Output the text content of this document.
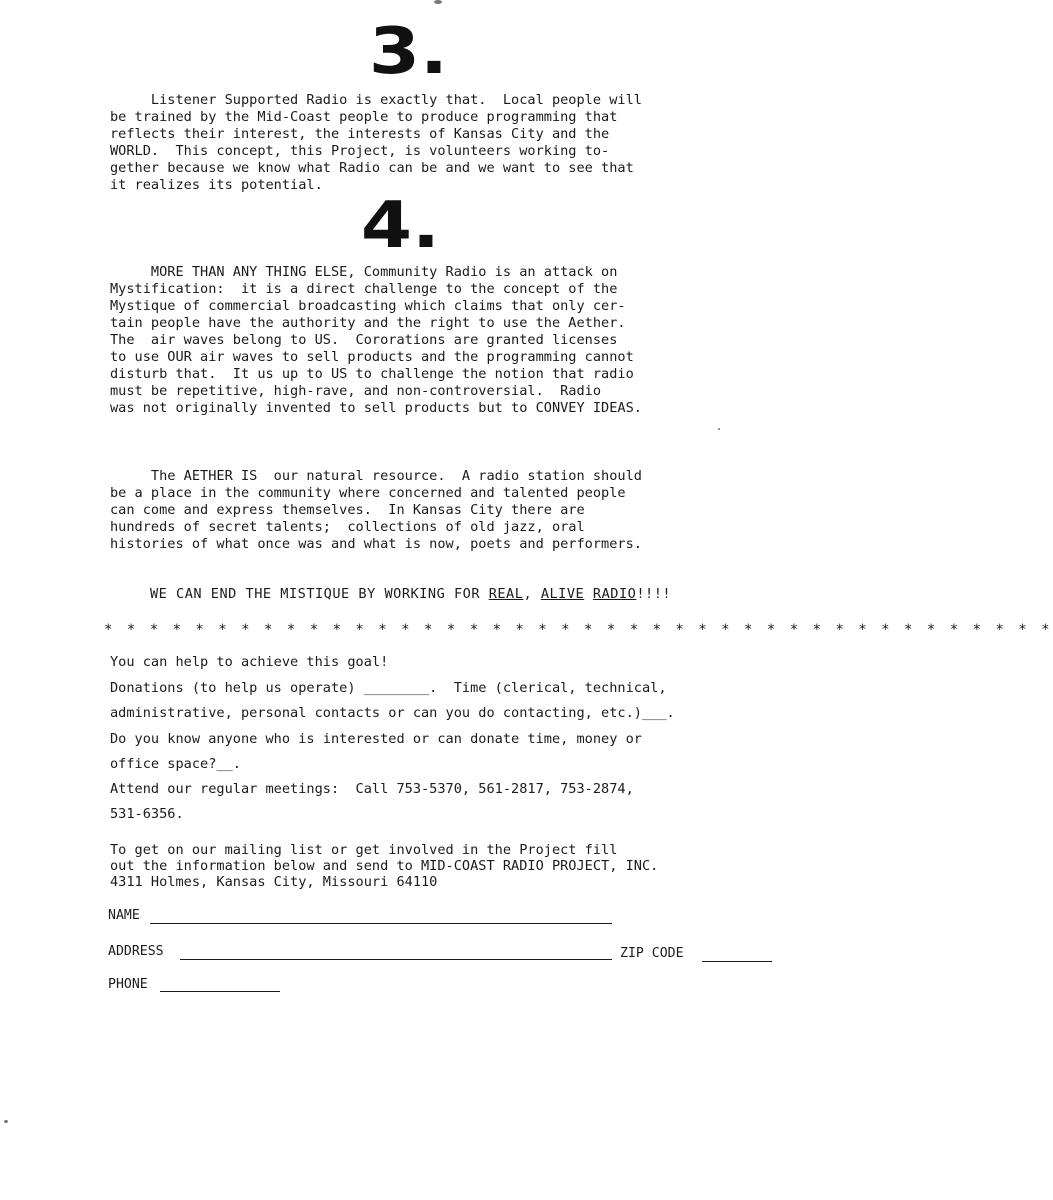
3.
Listener Supported Radio is exactly that.  Local people will
be trained by the Mid-Coast people to produce programming that
reflects their interest, the interests of Kansas City and the
WORLD.  This concept, this Project, is volunteers working to-
gether because we know what Radio can be and we want to see that
it realizes its potential.
4.
MORE THAN ANY THING ELSE, Community Radio is an attack on
Mystification:  it is a direct challenge to the concept of the
Mystique of commercial broadcasting which claims that only cer-
tain people have the authority and the right to use the Aether.
The  air waves belong to US.  Cororations are granted licenses
to use OUR air waves to sell products and the programming cannot
disturb that.  It us up to US to challenge the notion that radio
must be repetitive, high-rave, and non-controversial.  Radio
was not originally invented to sell products but to CONVEY IDEAS.
The AETHER IS  our natural resource.  A radio station should
be a place in the community where concerned and talented people
can come and express themselves.  In Kansas City there are
hundreds of secret talents;  collections of old jazz, oral
histories of what once was and what is now, poets and performers.
WE CAN END THE MISTIQUE BY WORKING FOR REAL, ALIVE RADIO!!!!
* * * * * * * * * * * * * * * * * * * * * * * * * * * * * * * * * * * * * * * * * *
You can help to achieve this goal!
Donations (to help us operate) ________.  Time (clerical, technical,
administrative, personal contacts or can you do contacting, etc.)___.
Do you know anyone who is interested or can donate time, money or
office space?__.
Attend our regular meetings:  Call 753-5370, 561-2817, 753-2874,
531-6356.
To get on our mailing list or get involved in the Project fill
out the information below and send to MID-COAST RADIO PROJECT, INC.
4311 Holmes, Kansas City, Missouri 64110
NAME
ADDRESS	ZIP CODE
PHONE
